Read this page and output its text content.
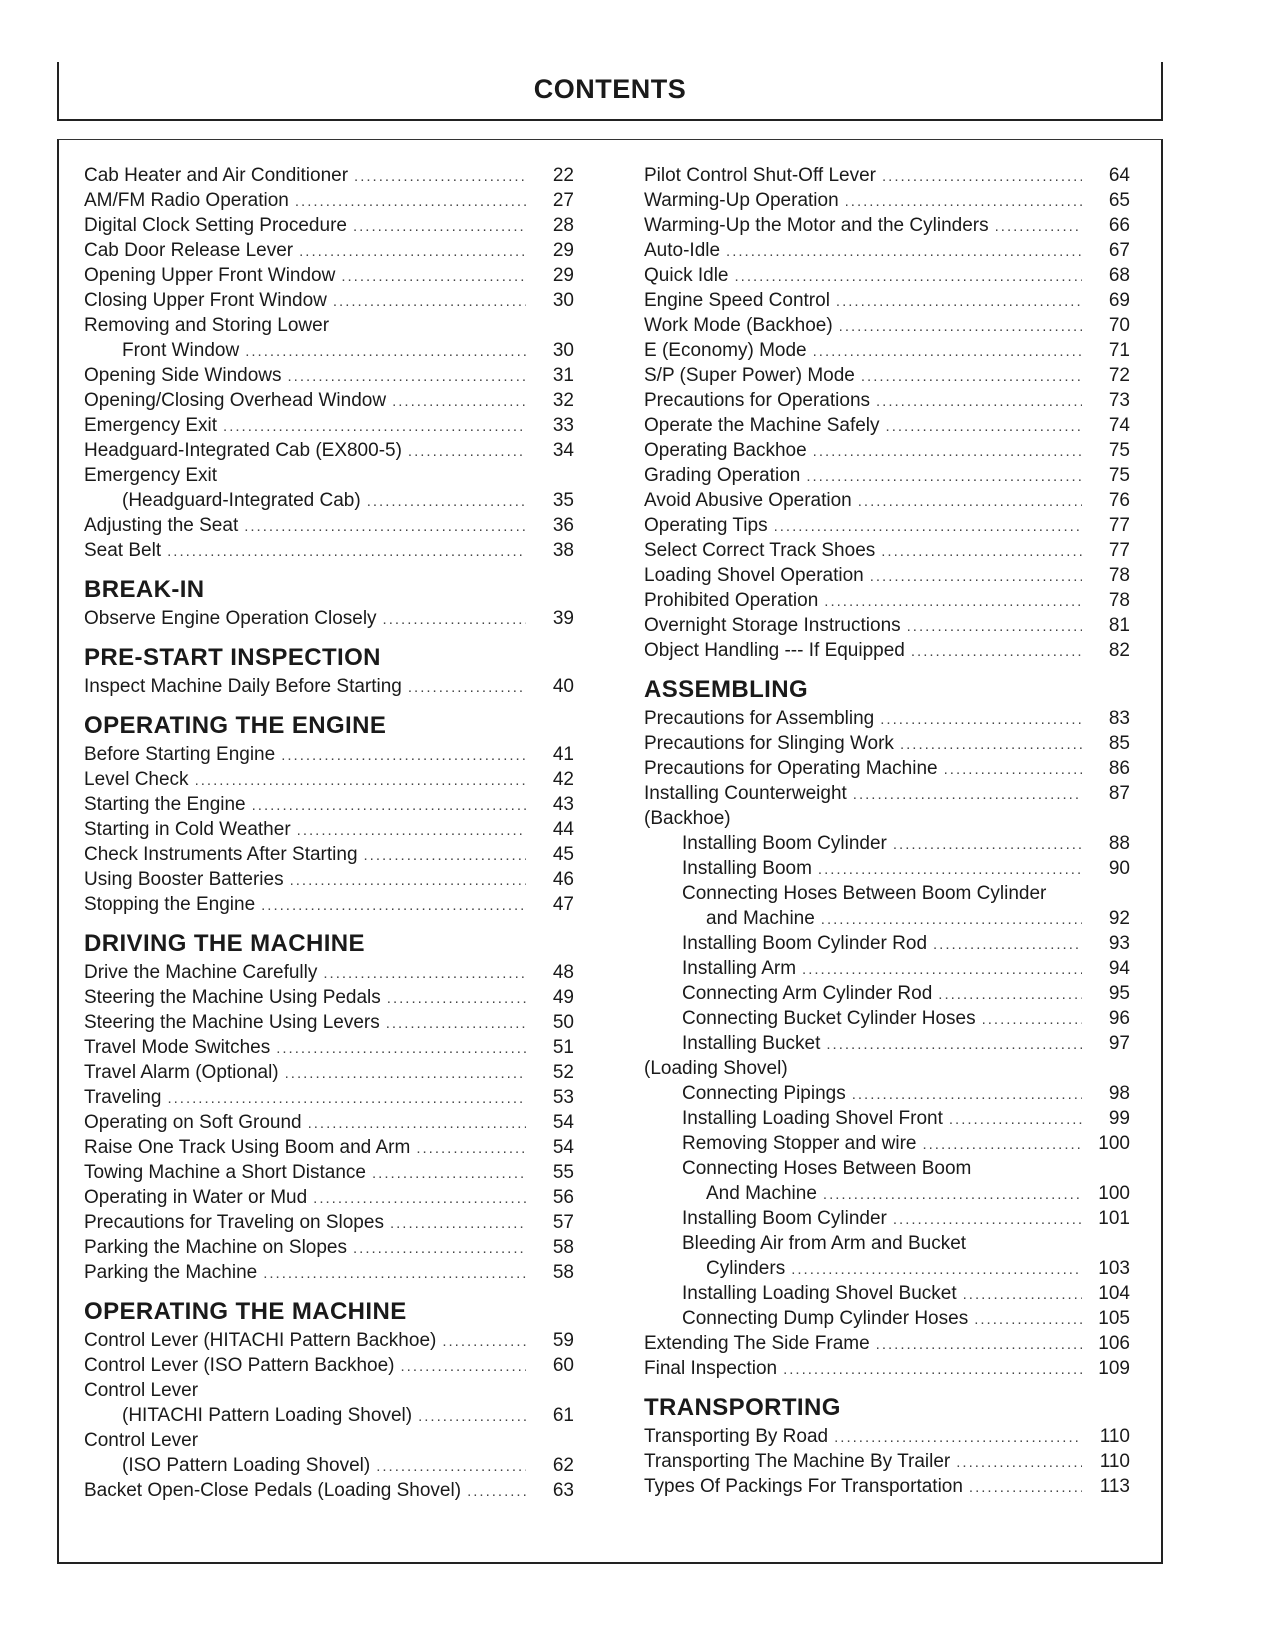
CONTENTS
Cab Heater and Air Conditioner .....	22
AM/FM Radio Operation .....	27
Digital Clock Setting Procedure .....	28
Cab Door Release Lever .....	29
Opening Upper Front Window .....	29
Closing Upper Front Window .....	30
Removing and Storing Lower
Front Window .....	30
Opening Side Windows .....	31
Opening/Closing Overhead Window .....	32
Emergency Exit .....	33
Headguard-Integrated Cab (EX800-5) .....	34
Emergency Exit
(Headguard-Integrated Cab) .....	35
Adjusting the Seat .....	36
Seat Belt .....	38
BREAK-IN
Observe Engine Operation Closely .....	39
PRE-START INSPECTION
Inspect Machine Daily Before Starting .....	40
OPERATING THE ENGINE
Before Starting Engine .....	41
Level Check .....	42
Starting the Engine .....	43
Starting in Cold Weather .....	44
Check Instruments After Starting .....	45
Using Booster Batteries .....	46
Stopping the Engine .....	47
DRIVING THE MACHINE
Drive the Machine Carefully .....	48
Steering the Machine Using Pedals .....	49
Steering the Machine Using Levers .....	50
Travel Mode Switches .....	51
Travel Alarm (Optional) .....	52
Traveling .....	53
Operating on Soft Ground .....	54
Raise One Track Using Boom and Arm .....	54
Towing Machine a Short Distance .....	55
Operating in Water or Mud .....	56
Precautions for Traveling on Slopes .....	57
Parking the Machine on Slopes .....	58
Parking the Machine .....	58
OPERATING THE MACHINE
Control Lever (HITACHI Pattern Backhoe) .....	59
Control Lever (ISO Pattern Backhoe) .....	60
Control Lever
(HITACHI Pattern Loading Shovel) .....	61
Control Lever
(ISO Pattern Loading Shovel) .....	62
Backet Open-Close Pedals (Loading Shovel) .....	63
Pilot Control Shut-Off Lever .....	64
Warming-Up Operation .....	65
Warming-Up the Motor and the Cylinders .....	66
Auto-Idle .....	67
Quick Idle .....	68
Engine Speed Control .....	69
Work Mode (Backhoe) .....	70
E (Economy) Mode .....	71
S/P (Super Power) Mode .....	72
Precautions for Operations .....	73
Operate the Machine Safely .....	74
Operating Backhoe .....	75
Grading Operation .....	75
Avoid Abusive Operation .....	76
Operating Tips .....	77
Select Correct Track Shoes .....	77
Loading Shovel Operation .....	78
Prohibited Operation .....	78
Overnight Storage Instructions .....	81
Object Handling --- If Equipped .....	82
ASSEMBLING
Precautions for Assembling .....	83
Precautions for Slinging Work .....	85
Precautions for Operating Machine .....	86
Installing Counterweight .....	87
(Backhoe)
Installing Boom Cylinder .....	88
Installing Boom .....	90
Connecting Hoses Between Boom Cylinder
and Machine .....	92
Installing Boom Cylinder Rod .....	93
Installing Arm .....	94
Connecting Arm Cylinder Rod .....	95
Connecting Bucket Cylinder Hoses .....	96
Installing Bucket .....	97
(Loading Shovel)
Connecting Pipings .....	98
Installing Loading Shovel Front .....	99
Removing Stopper and wire .....	100
Connecting Hoses Between Boom
And Machine .....	100
Installing Boom Cylinder .....	101
Bleeding Air from Arm and Bucket
Cylinders .....	103
Installing Loading Shovel Bucket .....	104
Connecting Dump Cylinder Hoses .....	105
Extending The Side Frame .....	106
Final Inspection .....	109
TRANSPORTING
Transporting By Road .....	110
Transporting The Machine By Trailer .....	110
Types Of Packings For Transportation .....	113
